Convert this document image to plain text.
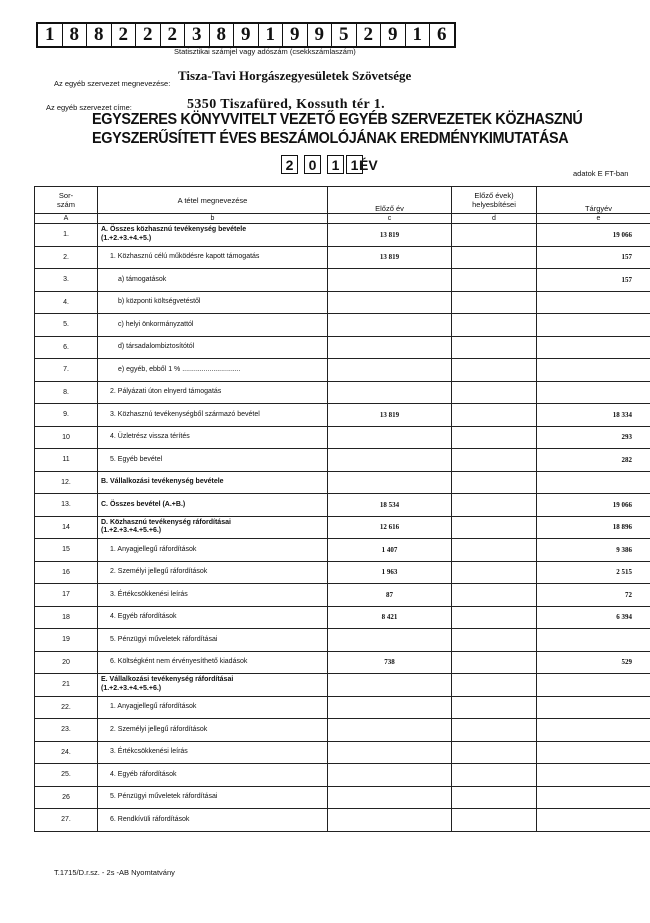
1 8 8 2 2 2 3 8 9 1 9 9 5 2 9 1 6
Statisztikai számjel vagy adószám (csekkszámlaszám)
Az egyéb szervezet megnevezése:
Tisza-Tavi Horgászegyesületek Szövetsége
Az egyéb szervezet címe:	5350 Tiszafüred, Kossuth tér 1.
EGYSZERES KÖNYVVITELT VEZETŐ EGYÉB SZERVEZETEK KÖZHASZNÚ
EGYSZERŰSÍTETT ÉVES BESZÁMOLÓJÁNAK EREDMÉNYKIMUTATÁSA
2	0	1 1 ÉV
adatok E FT-ban
Sor-
szám	A tétel megnevezése	Előző év	Előző évek)
helyesbítései	Tárgyév
A	b	c	d	e
1.	A. Összes közhasznú tevékenység bevétele
(1.+2.+3.+4.+5.)	13 819		19 066
2.	1. Közhasznú célú működésre kapott támogatás	13 819		157
3.	a) támogatások			157
4.	b) központi költségvetéstől			
5.	c) helyi önkormányzattól			
6.	d) társadalombiztosítótól			
7.	e) egyéb, ebből 1 % ..............................			
8.	2. Pályázati úton elnyerd támogatás			
9.	3. Közhasznú tevékenységből származó bevétel	13 819		18 334
10	4. Üzletrész vissza térítés			293
11	5. Egyéb bevétel			282
12.	B. Vállalkozási tevékenység bevétele			
13.	C. Összes bevétel (A.+B.)	18 534		19 066
14	D. Közhasznú tevékenység ráfordításai
(1.+2.+3.+4.+5.+6.)	12 616		18 896
15	1. Anyagjellegű ráfordítások	1 407		9 386
16	2. Személyi jellegű ráfordítások	1 963		2 515
17	3. Értékcsökkenési leírás	87		72
18	4. Egyéb ráfordítások	8 421		6 394
19	5. Pénzügyi műveletek ráfordításai			
20	6. Költségként nem érvényesíthető kiadások	738		529
21	E. Vállalkozási tevékenység ráfordításai
(1.+2.+3.+4.+5.+6.)			
22.	1. Anyagjellegű ráfordítások			
23.	2. Személyi jellegű ráfordítások			
24.	3. Értékcsökkenési leírás			
25.	4. Egyéb ráfordítások			
26	5. Pénzügyi műveletek ráfordításai			
27.	6. Rendkívüli ráfordítások			
T.1715/D.r.sz. - 2s -AB Nyomtatvány
